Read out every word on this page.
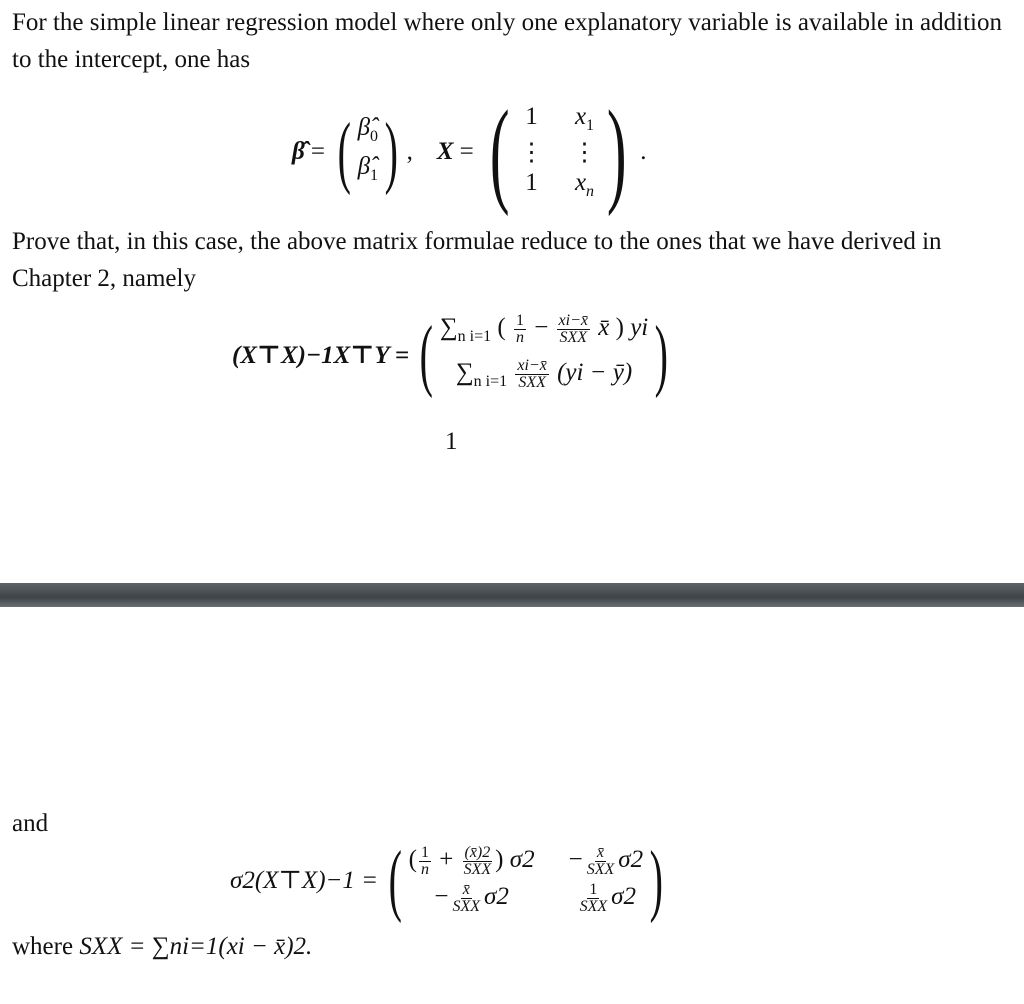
For the simple linear regression model where only one explanatory variable is available in addition to the intercept, one has

β̂ = ( $\betâ_0$
$\betâ_1$ ) , X = ( 1 $x_1$
⋮ ⋮
1 $x_n$ ) .

Prove that, in this case, the above matrix formulae reduce to the ones that we have derived in Chapter 2, namely

(X⊤X)−1X⊤Y = ( $\sum_{n i=1}$ ( $\frac{1}{n} - \frac{xi-x̄}{\text{SXX}}$ x̄ ) yi
$\sum_{n i=1} \frac{xi-x̄}{\text{SXX}} (yi$ − ȳ) )
1

and

σ2(X⊤X)−1 = ( ( $\frac{1}{n} + \frac{(x̄)2}{\text{SXX}}$ ) $\sigma 2 - \frac{x̄}{\text{SXX}} \sigma 2$
− $\frac{x̄}{\text{SXX}} \sigma 2$	$\frac{1}{\text{SXX}} \sigma 2$ )

where SXX = ∑ni=1(xi − x̄)2.
